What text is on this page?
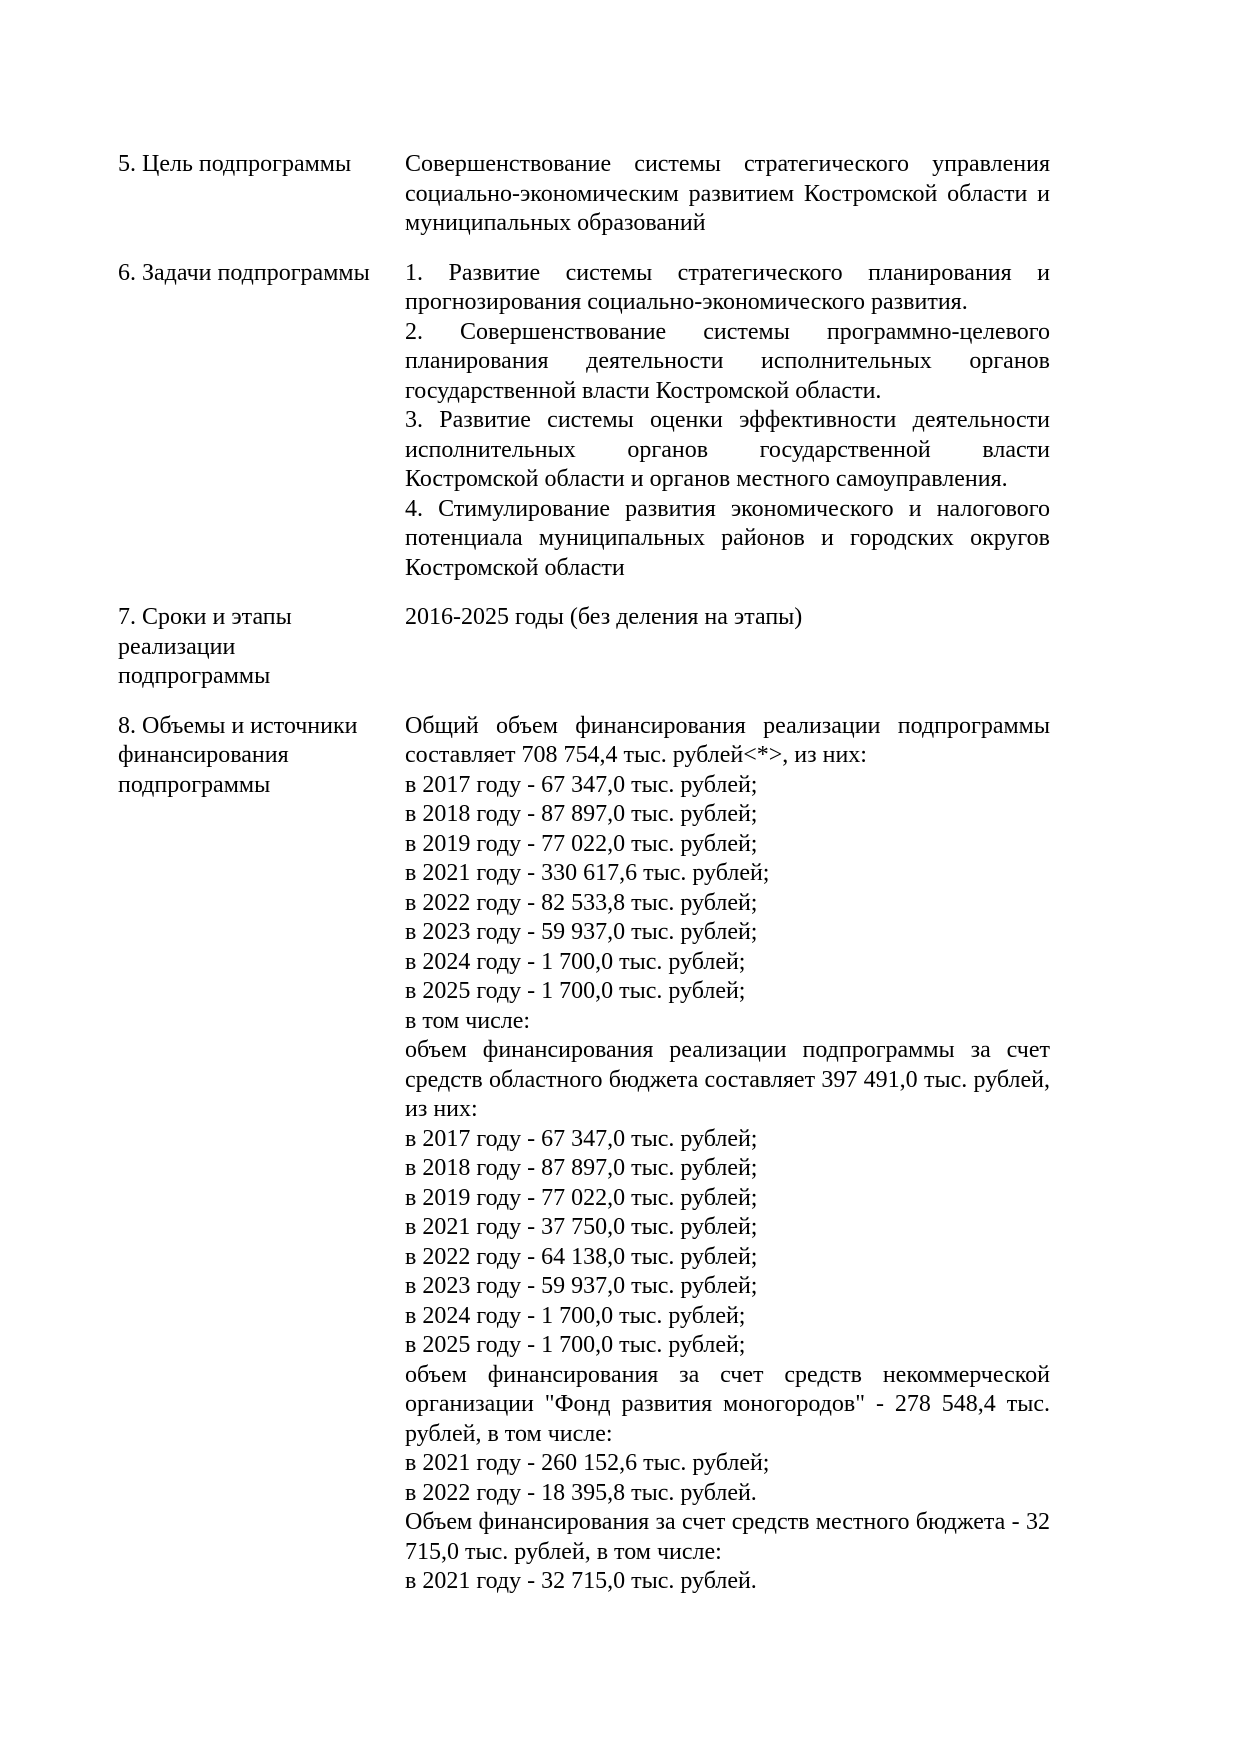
5. Цель подпрограммы	Совершенствование системы стратегического управления социально-экономическим развитием Костромской области и муниципальных образований
6. Задачи подпрограммы	1. Развитие системы стратегического планирования и прогнозирования социально-экономического развития.
2. Совершенствование системы программно-целевого планирования деятельности исполнительных органов государственной власти Костромской области.
3. Развитие системы оценки эффективности деятельности исполнительных органов государственной власти Костромской области и органов местного самоуправления.
4. Стимулирование развития экономического и налогового потенциала муниципальных районов и городских округов Костромской области
7. Сроки и этапы реализации подпрограммы
2016-2025 годы (без деления на этапы)
8. Объемы и источники финансирования подпрограммы
Общий объем финансирования реализации подпрограммы составляет 708 754,4 тыс. рублей<*>, из них:
в 2017 году - 67 347,0 тыс. рублей;
в 2018 году - 87 897,0 тыс. рублей;
в 2019 году - 77 022,0 тыс. рублей;
в 2021 году - 330 617,6 тыс. рублей;
в 2022 году - 82 533,8 тыс. рублей;
в 2023 году - 59 937,0 тыс. рублей;
в 2024 году - 1 700,0 тыс. рублей;
в 2025 году - 1 700,0 тыс. рублей;
в том числе:
объем финансирования реализации подпрограммы за счет средств областного бюджета составляет 397 491,0 тыс. рублей, из них:
в 2017 году - 67 347,0 тыс. рублей;
в 2018 году - 87 897,0 тыс. рублей;
в 2019 году - 77 022,0 тыс. рублей;
в 2021 году - 37 750,0 тыс. рублей;
в 2022 году - 64 138,0 тыс. рублей;
в 2023 году - 59 937,0 тыс. рублей;
в 2024 году - 1 700,0 тыс. рублей;
в 2025 году - 1 700,0 тыс. рублей;
объем финансирования за счет средств некоммерческой организации "Фонд развития моногородов" - 278 548,4 тыс. рублей, в том числе:
в 2021 году - 260 152,6 тыс. рублей;
в 2022 году - 18 395,8 тыс. рублей.
Объем финансирования за счет средств местного бюджета - 32 715,0 тыс. рублей, в том числе:
в 2021 году - 32 715,0 тыс. рублей.
